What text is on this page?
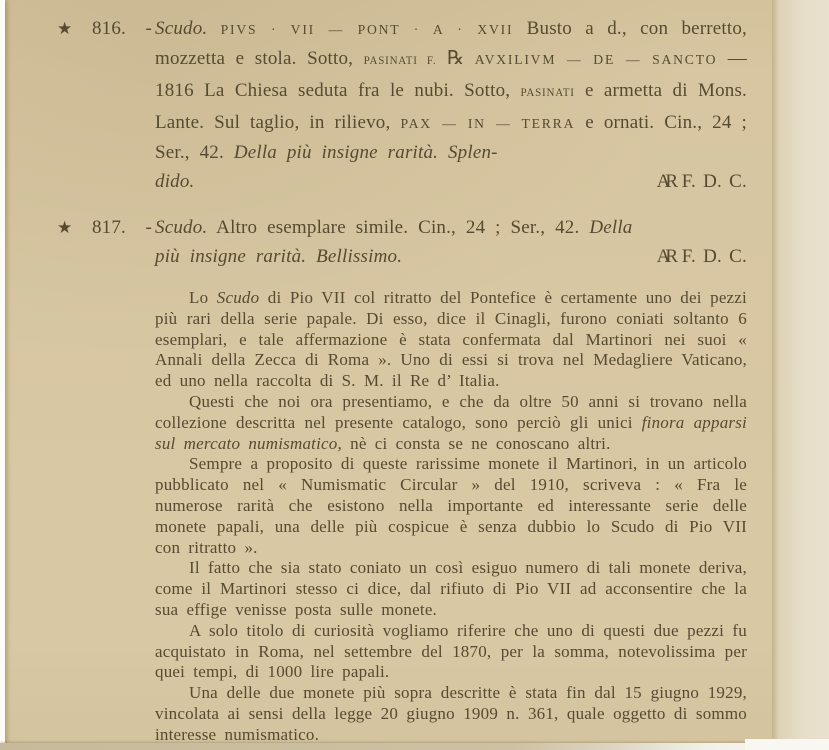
★ 816. - Scudo. PIVS · VII — PONT · A · XVII Busto a d., con berretto, mozzetta e stola. Sotto, PASINATI F. ℞ AVXILIVM — DE — SANCTO — 1816 La Chiesa seduta fra le nubi. Sotto, PASINATI e armetta di Mons. Lante. Sul taglio, in rilievo, PAX — IN — TERRA e ornati. Cin., 24 ; Ser., 42. Della più insigne rarità. Splen-
dido.	AR F. D. C.
★ 817. - Scudo. Altro esemplare simile. Cin., 24 ; Ser., 42. Della
più insigne rarità. Bellissimo.	AR F. D. C.

Lo Scudo di Pio VII col ritratto del Pontefice è certamente uno dei pezzi più rari della serie papale. Di esso, dice il Cinagli, furono coniati soltanto 6 esemplari, e tale affermazione è stata confermata dal Martinori nei suoi « Annali della Zecca di Roma ». Uno di essi si trova nel Medagliere Vaticano, ed uno nella raccolta di S. M. il Re d’ Italia.

Questi che noi ora presentiamo, e che da oltre 50 anni si trovano nella collezione descritta nel presente catalogo, sono perciò gli unici finora apparsi sul mercato numismatico, nè ci consta se ne conoscano altri.

Sempre a proposito di queste rarissime monete il Martinori, in un articolo pubblicato nel « Numismatic Circular » del 1910, scriveva : « Fra le numerose rarità che esistono nella importante ed interessante serie delle monete papali, una delle più cospicue è senza dubbio lo Scudo di Pio VII con ritratto ».

Il fatto che sia stato coniato un così esiguo numero di tali monete deriva, come il Martinori stesso ci dice, dal rifiuto di Pio VII ad acconsentire che la sua effige venisse posta sulle monete.

A solo titolo di curiosità vogliamo riferire che uno di questi due pezzi fu acquistato in Roma, nel settembre del 1870, per la somma, notevolissima per quei tempi, di 1000 lire papali.

Una delle due monete più sopra descritte è stata fin dal 15 giugno 1929, vincolata ai sensi della legge 20 giugno 1909 n. 361, quale oggetto di sommo interesse numismatico.
